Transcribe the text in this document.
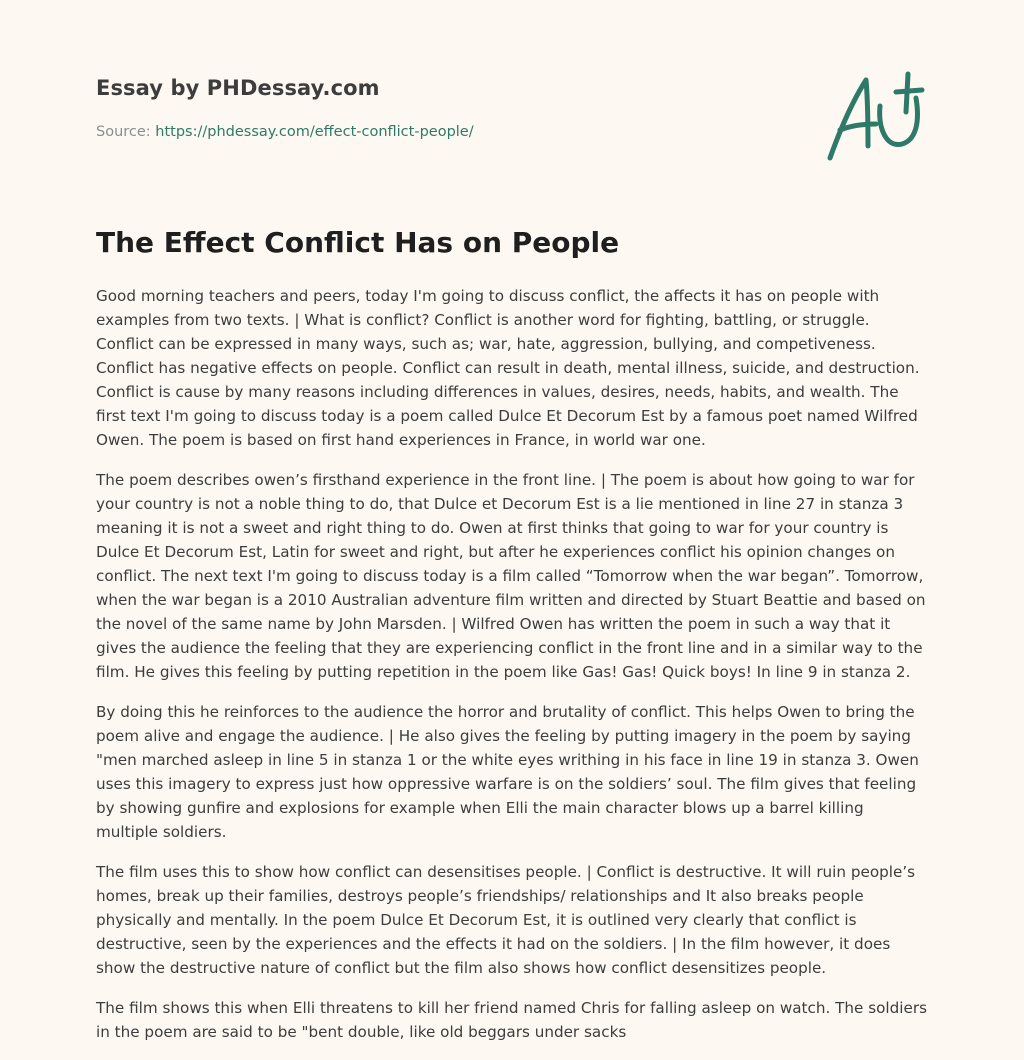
Essay by PHDessay.com
Source: https://phdessay.com/effect-conflict-people/
The Effect Conflict Has on People

Good morning teachers and peers, today I'm going to discuss conflict, the affects it has on people with examples from two texts. | What is conflict? Conflict is another word for fighting, battling, or struggle. Conflict can be expressed in many ways, such as; war, hate, aggression, bullying, and competiveness. Conflict has negative effects on people. Conflict can result in death, mental illness, suicide, and destruction. Conflict is cause by many reasons including differences in values, desires, needs, habits, and wealth. The first text I'm going to discuss today is a poem called Dulce Et Decorum Est by a famous poet named Wilfred Owen. The poem is based on first hand experiences in France, in world war one.

The poem describes owen’s firsthand experience in the front line. | The poem is about how going to war for your country is not a noble thing to do, that Dulce et Decorum Est is a lie mentioned in line 27 in stanza 3 meaning it is not a sweet and right thing to do. Owen at first thinks that going to war for your country is Dulce Et Decorum Est, Latin for sweet and right, but after he experiences conflict his opinion changes on conflict. The next text I'm going to discuss today is a film called “Tomorrow when the war began”. Tomorrow, when the war began is a 2010 Australian adventure film written and directed by Stuart Beattie and based on the novel of the same name by John Marsden. | Wilfred Owen has written the poem in such a way that it gives the audience the feeling that they are experiencing conflict in the front line and in a similar way to the film. He gives this feeling by putting repetition in the poem like Gas! Gas! Quick boys! In line 9 in stanza 2.

By doing this he reinforces to the audience the horror and brutality of conflict. This helps Owen to bring the poem alive and engage the audience. | He also gives the feeling by putting imagery in the poem by saying "men marched asleep in line 5 in stanza 1 or the white eyes writhing in his face in line 19 in stanza 3. Owen uses this imagery to express just how oppressive warfare is on the soldiers’ soul. The film gives that feeling by showing gunfire and explosions for example when Elli the main character blows up a barrel killing multiple soldiers.

The film uses this to show how conflict can desensitises people. | Conflict is destructive. It will ruin people’s homes, break up their families, destroys people’s friendships/ relationships and It also breaks people physically and mentally. In the poem Dulce Et Decorum Est, it is outlined very clearly that conflict is destructive, seen by the experiences and the effects it had on the soldiers. | In the film however, it does show the destructive nature of conflict but the film also shows how conflict desensitizes people.

The film shows this when Elli threatens to kill her friend named Chris for falling asleep on watch. The soldiers in the poem are said to be "bent double, like old beggars under sacks
